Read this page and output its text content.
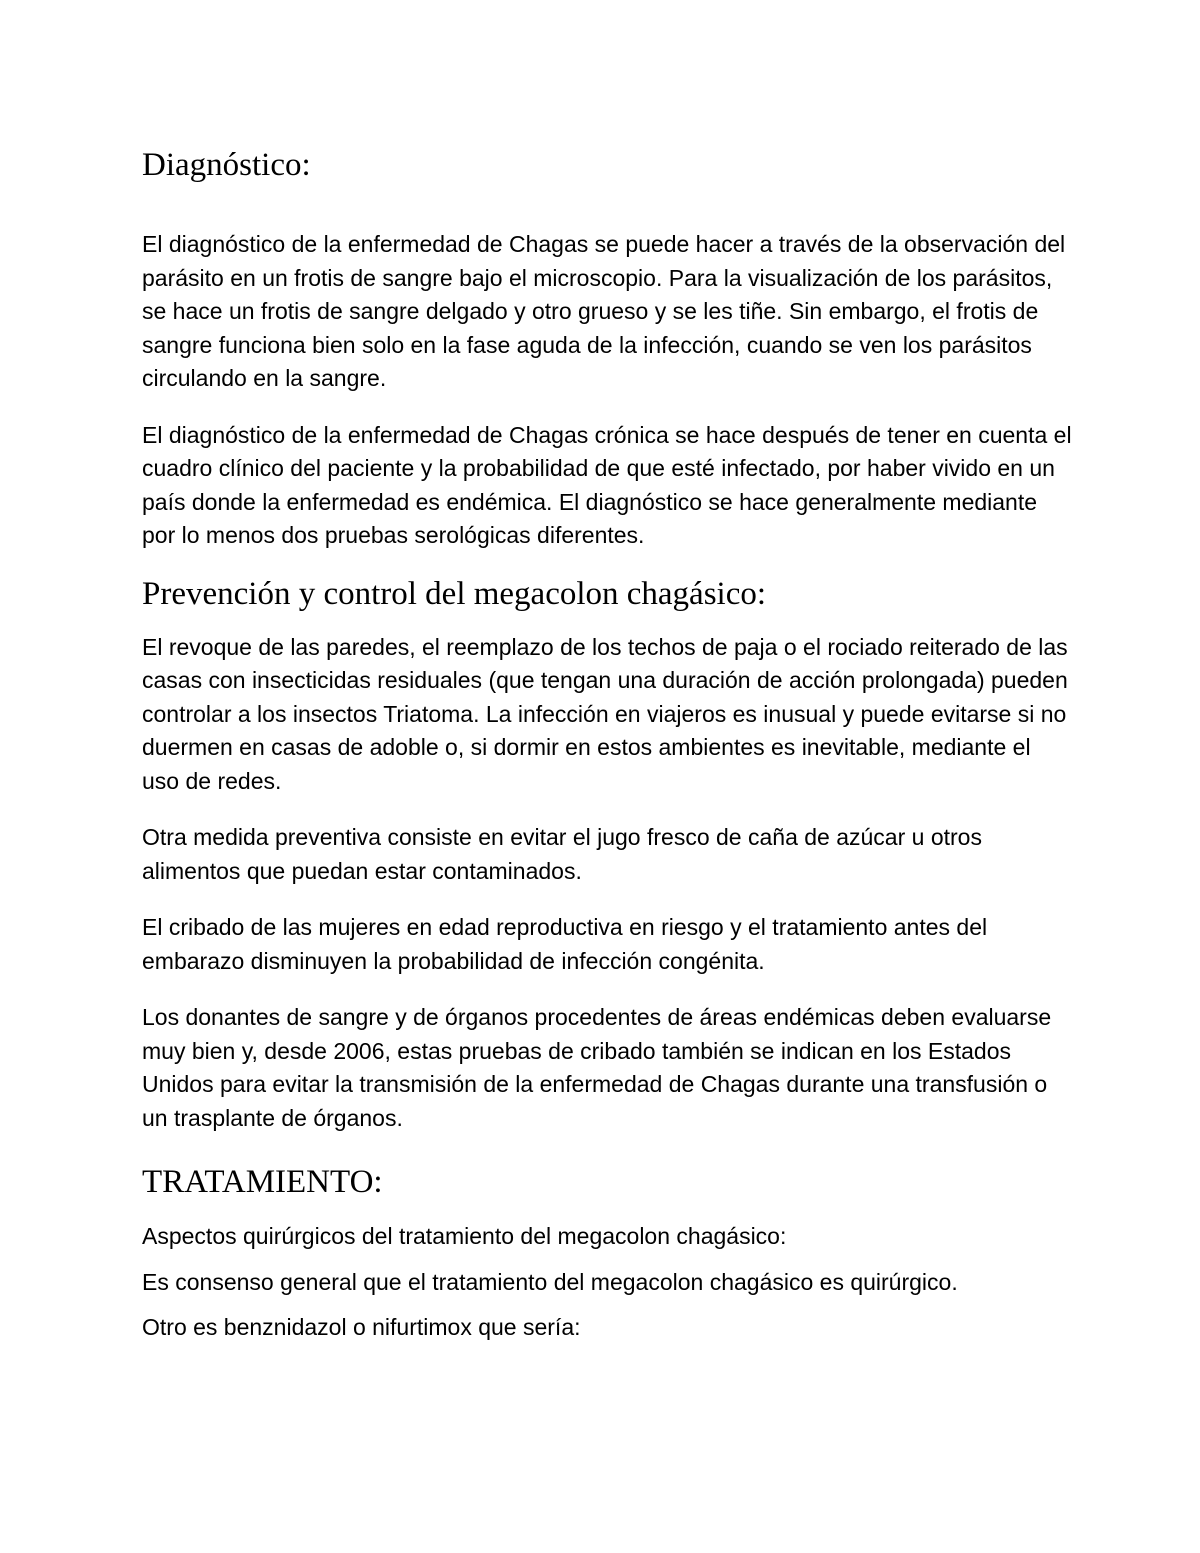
Diagnóstico:

El diagnóstico de la enfermedad de Chagas se puede hacer a través de la observación del parásito en un frotis de sangre bajo el microscopio. Para la visualización de los parásitos, se hace un frotis de sangre delgado y otro grueso y se les tiñe. Sin embargo, el frotis de sangre funciona bien solo en la fase aguda de la infección, cuando se ven los parásitos circulando en la sangre.

El diagnóstico de la enfermedad de Chagas crónica se hace después de tener en cuenta el cuadro clínico del paciente y la probabilidad de que esté infectado, por haber vivido en un país donde la enfermedad es endémica. El diagnóstico se hace generalmente mediante por lo menos dos pruebas serológicas diferentes.

Prevención y control del megacolon chagásico:

El revoque de las paredes, el reemplazo de los techos de paja o el rociado reiterado de las casas con insecticidas residuales (que tengan una duración de acción prolongada) pueden controlar a los insectos Triatoma. La infección en viajeros es inusual y puede evitarse si no duermen en casas de adoble o, si dormir en estos ambientes es inevitable, mediante el uso de redes.

Otra medida preventiva consiste en evitar el jugo fresco de caña de azúcar u otros alimentos que puedan estar contaminados.

El cribado de las mujeres en edad reproductiva en riesgo y el tratamiento antes del embarazo disminuyen la probabilidad de infección congénita.

Los donantes de sangre y de órganos procedentes de áreas endémicas deben evaluarse muy bien y, desde 2006, estas pruebas de cribado también se indican en los Estados Unidos para evitar la transmisión de la enfermedad de Chagas durante una transfusión o un trasplante de órganos.

TRATAMIENTO:

Aspectos quirúrgicos del tratamiento del megacolon chagásico:

Es consenso general que el tratamiento del megacolon chagásico es quirúrgico.

Otro es benznidazol o nifurtimox que sería:
